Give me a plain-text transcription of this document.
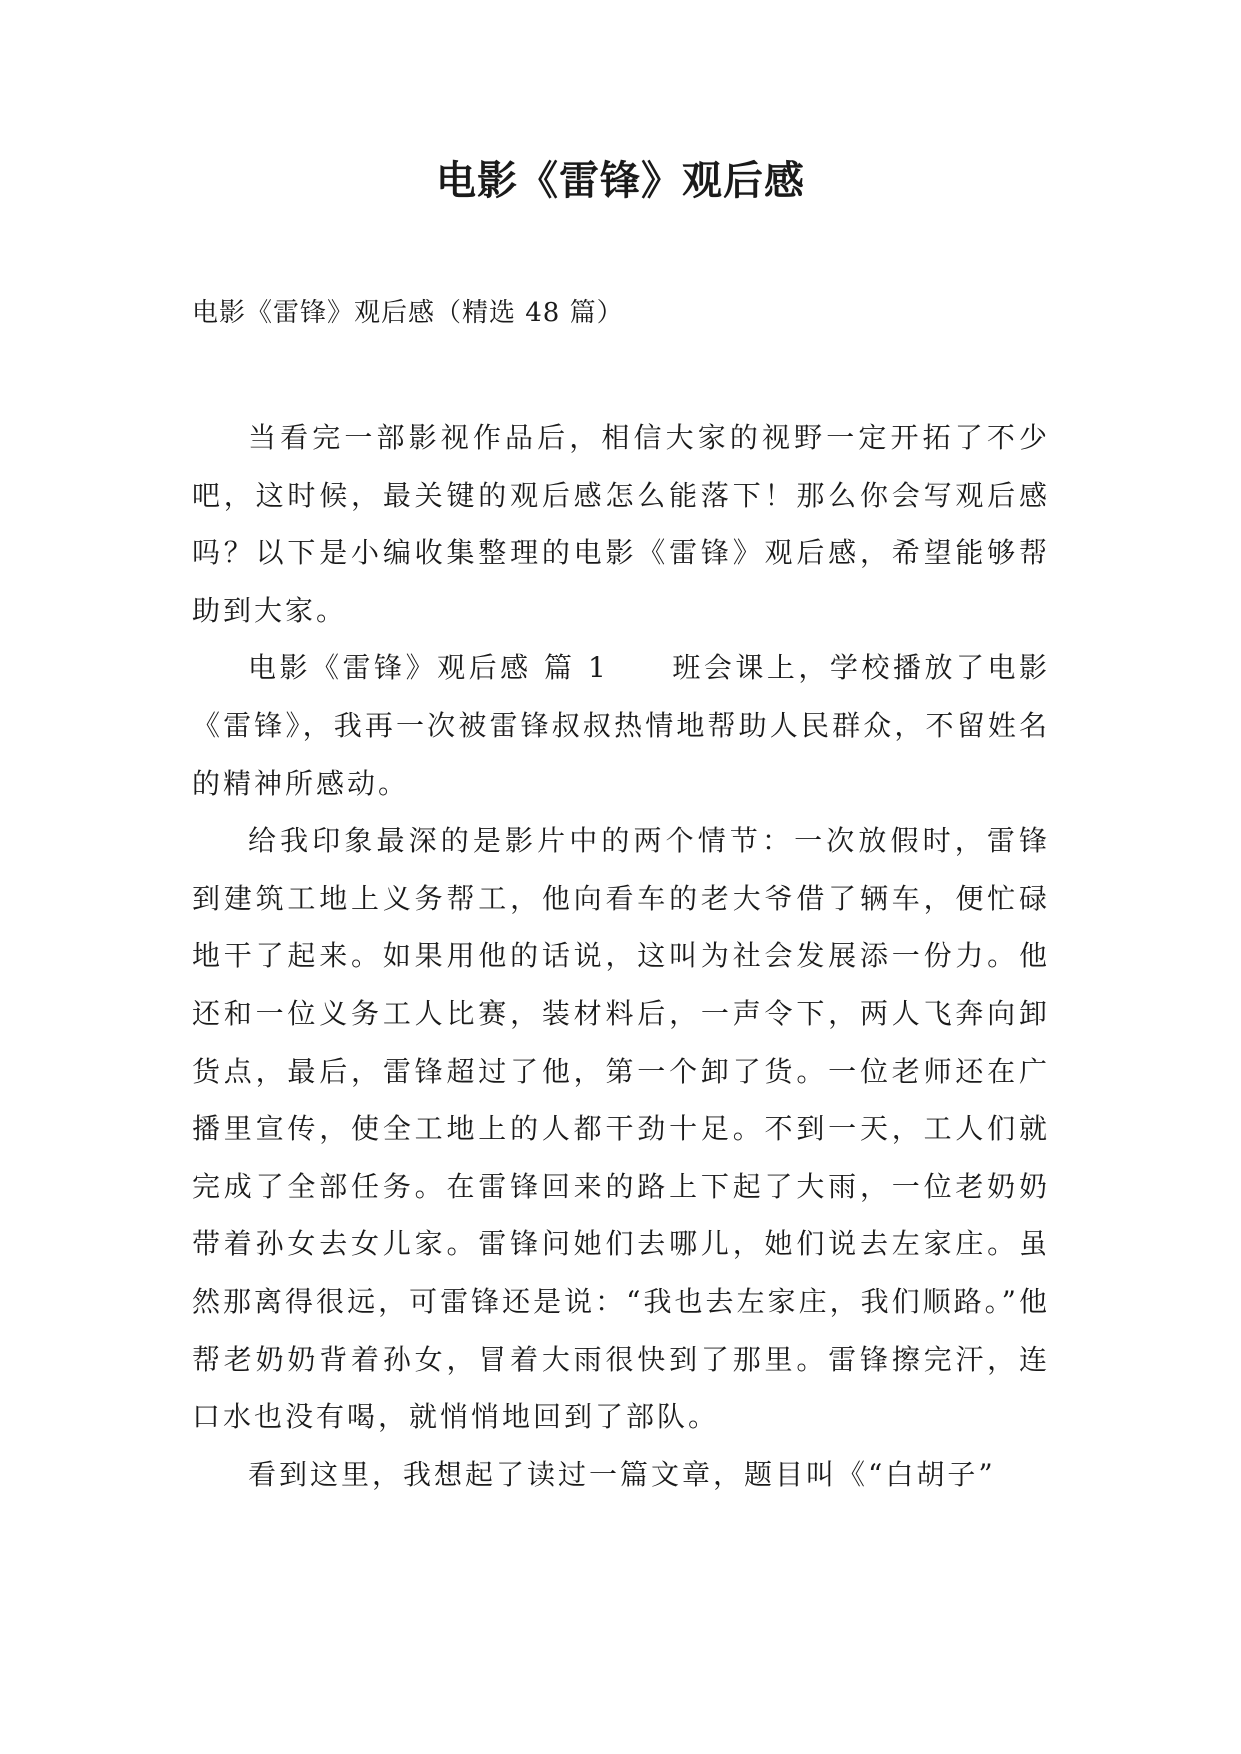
电影《雷锋》观后感

电影《雷锋》观后感（精选 48 篇）

当看完一部影视作品后，相信大家的视野一定开拓了不少吧，这时候，最关键的观后感怎么能落下！那么你会写观后感吗？以下是小编收集整理的电影《雷锋》观后感，希望能够帮助到大家。

电影《雷锋》观后感 篇 1　　班会课上，学校播放了电影《雷锋》，我再一次被雷锋叔叔热情地帮助人民群众，不留姓名的精神所感动。

给我印象最深的是影片中的两个情节：一次放假时，雷锋到建筑工地上义务帮工，他向看车的老大爷借了辆车，便忙碌地干了起来。如果用他的话说，这叫为社会发展添一份力。他还和一位义务工人比赛，装材料后，一声令下，两人飞奔向卸货点，最后，雷锋超过了他，第一个卸了货。一位老师还在广播里宣传，使全工地上的人都干劲十足。不到一天，工人们就完成了全部任务。在雷锋回来的路上下起了大雨，一位老奶奶带着孙女去女儿家。雷锋问她们去哪儿，她们说去左家庄。虽然那离得很远，可雷锋还是说：“我也去左家庄，我们顺路。”他帮老奶奶背着孙女，冒着大雨很快到了那里。雷锋擦完汗，连口水也没有喝，就悄悄地回到了部队。

看到这里，我想起了读过一篇文章，题目叫《“白胡子”
